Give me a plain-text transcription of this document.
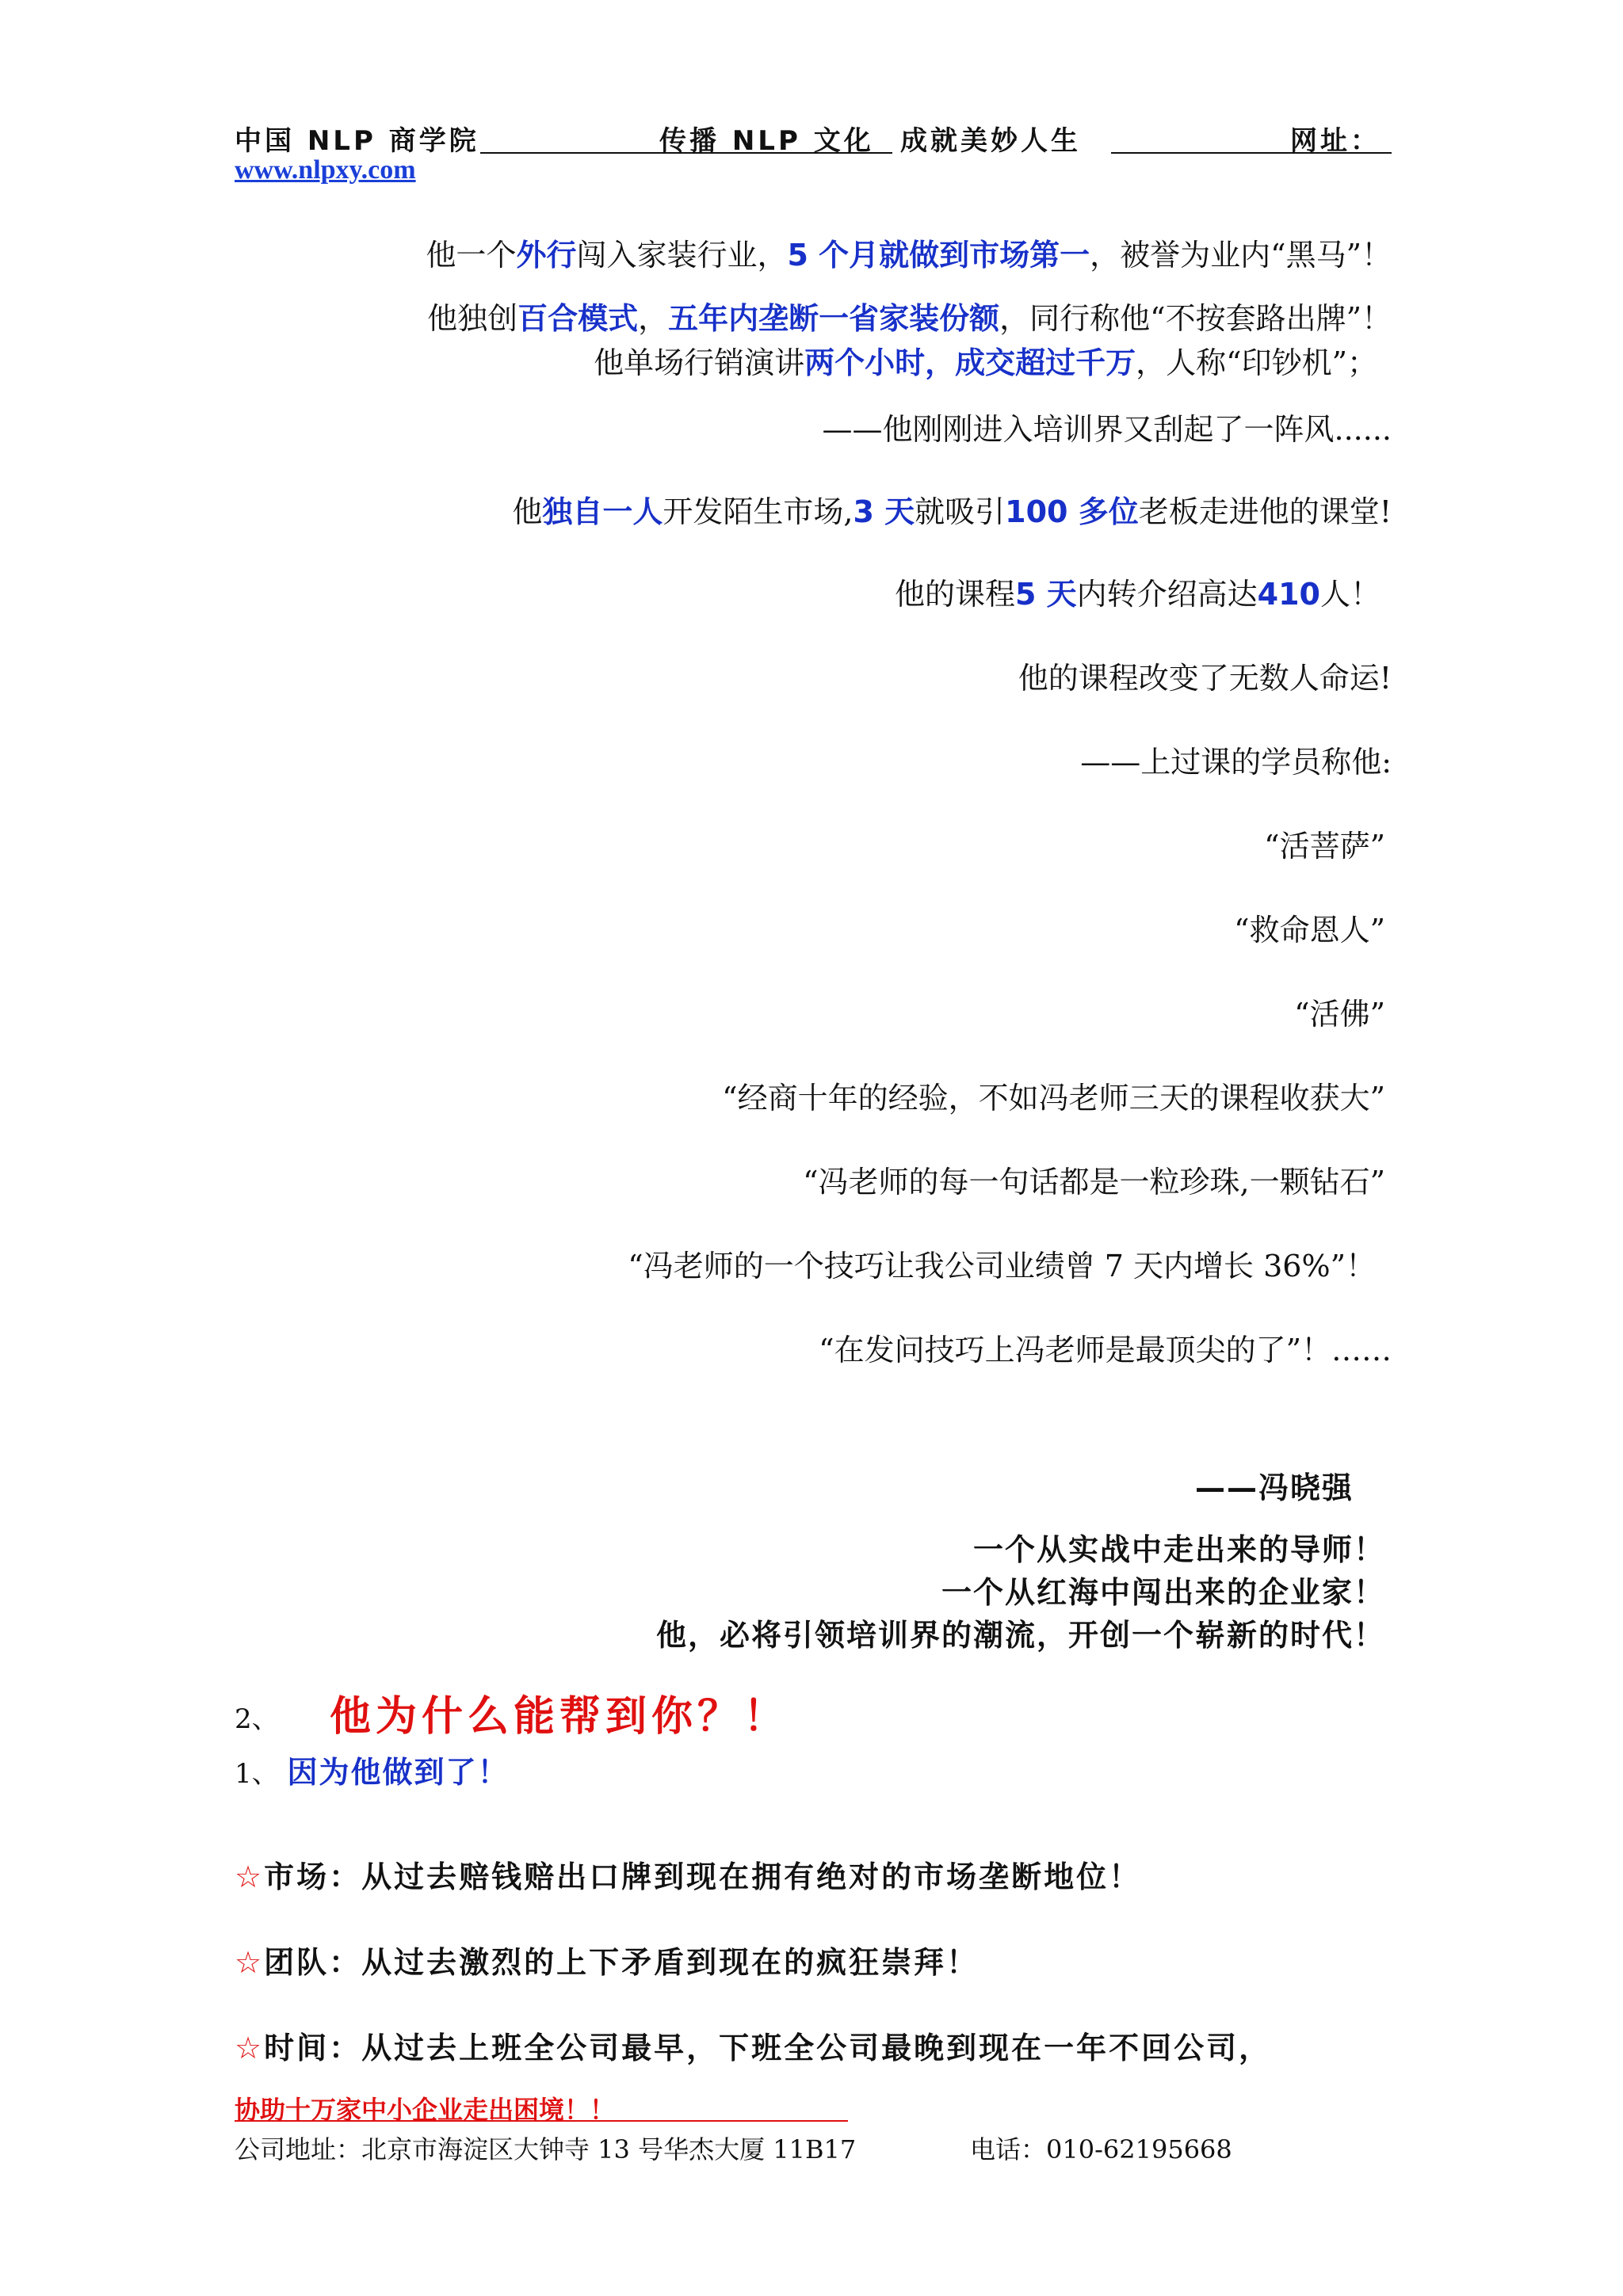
中国 NLP 商学院	传播 NLP 文化 成就美妙人生	网址：
www.nlpxy.com
他一个外行闯入家装行业，5 个月就做到市场第一，被誉为业内“黑马”！
他独创百合模式，五年内垄断一省家装份额，同行称他“不按套路出牌”！
他单场行销演讲两个小时，成交超过千万，人称“印钞机”；
——他刚刚进入培训界又刮起了一阵风......
他独自一人开发陌生市场,3 天就吸引100 多位老板走进他的课堂!
他的课程5 天内转介绍高达410人！
他的课程改变了无数人命运!
——上过课的学员称他:
“活菩萨”
“救命恩人”
“活佛”
“经商十年的经验，不如冯老师三天的课程收获大”
“冯老师的每一句话都是一粒珍珠,一颗钻石”
“冯老师的一个技巧让我公司业绩曾 7 天内增长 36%”！
“在发问技巧上冯老师是最顶尖的了”！……
——冯晓强
一个从实战中走出来的导师！
一个从红海中闯出来的企业家！
他，必将引领培训界的潮流，开创一个崭新的时代！
2、 他为什么能帮到你？！
1、 因为他做到了！
☆市场：从过去赔钱赔出口牌到现在拥有绝对的市场垄断地位！
☆团队：从过去激烈的上下矛盾到现在的疯狂崇拜！
☆时间：从过去上班全公司最早，下班全公司最晚到现在一年不回公司，
协助十万家中小企业走出困境！！
公司地址：北京市海淀区大钟寺 13 号华杰大厦 11B17	电话：010-62195668
